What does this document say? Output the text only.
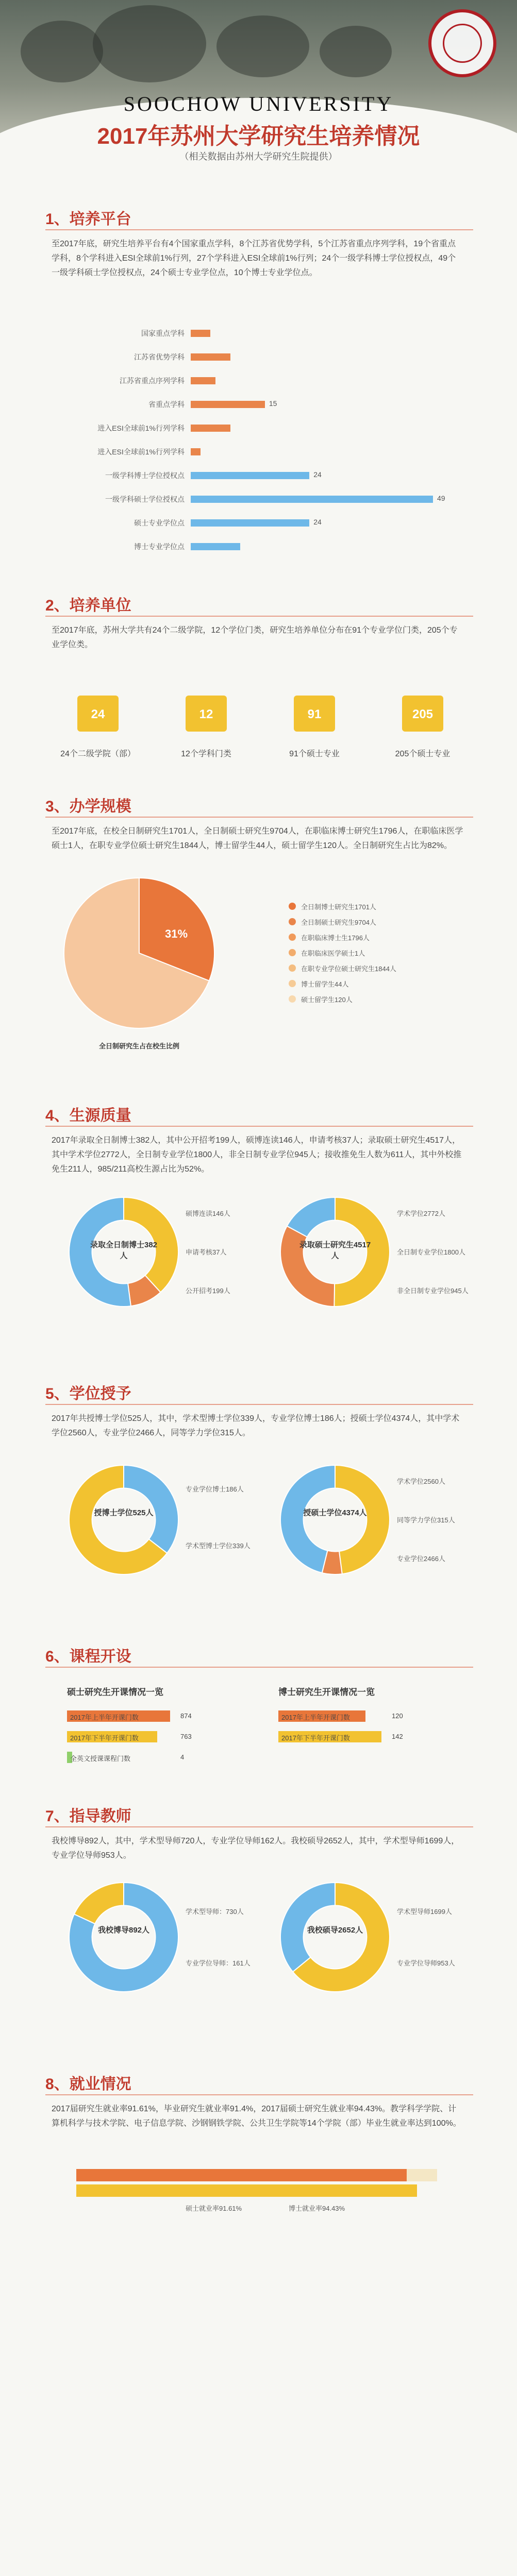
SOOCHOW UNIVERSITY
2017年苏州大学研究生培养情况
（相关数据由苏州大学研究生院提供）
1、培养平台
至2017年底，研究生培养平台有4个国家重点学科，8个江苏省优势学科，5个江苏省重点序列学科，19个省重点学科，8个学科进入ESI全球前1%行列，27个学科进入ESI全球前1%行列；24个一级学科博士学位授权点，49个一级学科硕士学位授权点，24个硕士专业学位点，10个博士专业学位点。
国家重点学科
江苏省优势学科
江苏省重点序列学科
省重点学科	15
进入ESI全球前1%行列学科
进入ESI全球前1%行列学科
一级学科博士学位授权点	24
一级学科硕士学位授权点	49
硕士专业学位点	24
博士专业学位点
2、培养单位
至2017年底，苏州大学共有24个二级学院，12个学位门类，研究生培养单位分布在91个专业学位门类，205个专业学位类。
24
24个二级学院（部）
12
12个学科门类
91
91个硕士专业
205
205个硕士专业
3、办学规模
至2017年底，在校全日制研究生1701人，全日制硕士研究生9704人，在职临床博士研究生1796人，在职临床医学硕士1人，在职专业学位硕士研究生1844人，博士留学生44人，硕士留学生120人。全日制研究生占比为82%。
31%
全日制研究生占在校生比例
全日制博士研究生1701人
全日制硕士研究生9704人
在职临床博士生1796人
在职临床医学硕士1人
在职专业学位硕士研究生1844人
博士留学生44人
硕士留学生120人
4、生源质量
2017年录取全日制博士382人，其中公开招考199人，硕博连读146人，申请考核37人；录取硕士研究生4517人，其中学术学位2772人，全日制专业学位1800人，非全日制专业学位945人；接收推免生人数为611人，其中外校推免生211人，985/211高校生源占比为52%。
录取全日制博士382人
硕博连读146人
申请考核37人
公开招考199人
录取硕士研究生4517人
学术学位2772人
全日制专业学位1800人
非全日制专业学位945人
5、学位授予
2017年共授博士学位525人，其中，学术型博士学位339人，专业学位博士186人；授硕士学位4374人，其中学术学位2560人，专业学位2466人，同等学力学位315人。
授博士学位525人
专业学位博士186人
学术型博士学位339人
授硕士学位4374人
学术学位2560人
同等学力学位315人
专业学位2466人
6、课程开设
硕士研究生开课情况一览	博士研究生开课情况一览
2017年上半年开课门数	874
2017年下半年开课门数	763
全英文授课课程门数	4
2017年上半年开课门数	120
2017年下半年开课门数	142
7、指导教师
我校博导892人，其中，学术型导师720人，专业学位导师162人。我校硕导2652人，其中，学术型导师1699人，专业学位导师953人。
我校博导892人
学术型导师：730人
专业学位导师：161人
我校硕导2652人
学术型导师1699人
专业学位导师953人
8、就业情况
2017届研究生就业率91.61%，毕业研究生就业率91.4%，2017届硕士研究生就业率94.43%。教学科学学院、计算机科学与技术学院、电子信息学院、沙钢钢铁学院、公共卫生学院等14个学院（部）毕业生就业率达到100%。
硕士就业率91.61%	博士就业率94.43%
